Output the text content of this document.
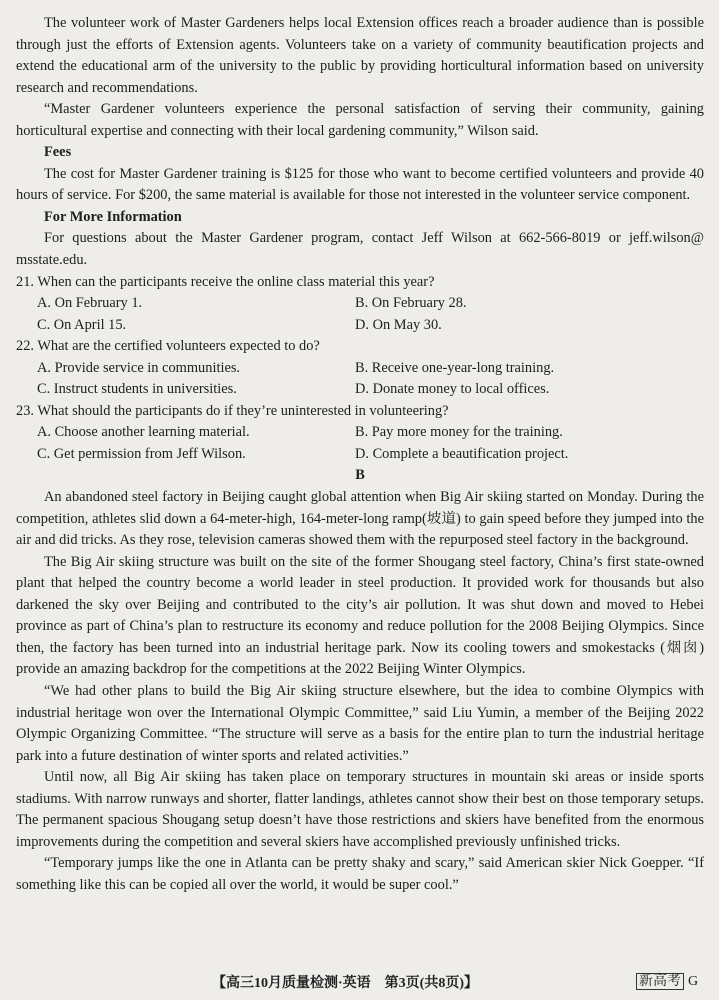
The volunteer work of Master Gardeners helps local Extension offices reach a broader audience than is possible through just the efforts of Extension agents. Volunteers take on a variety of community beautification projects and extend the educational arm of the university to the public by providing horticultural information based on university research and recommendations.

“Master Gardener volunteers experience the personal satisfaction of serving their community, gaining horticultural expertise and connecting with their local gardening community,” Wilson said.

Fees

The cost for Master Gardener training is $125 for those who want to become certified volunteers and provide 40 hours of service. For $200, the same material is available for those not interested in the volunteer service component.

For More Information

For questions about the Master Gardener program, contact Jeff Wilson at 662-566-8019 or jeff.wilson@ msstate.edu.

21. When can the participants receive the online class material this year?

A. On February 1.	B. On February 28.
C. On April 15.	D. On May 30.

22. What are the certified volunteers expected to do?

A. Provide service in communities.	B. Receive one-year-long training.
C. Instruct students in universities.	D. Donate money to local offices.

23. What should the participants do if they’re uninterested in volunteering?

A. Choose another learning material.	B. Pay more money for the training.
C. Get permission from Jeff Wilson.	D. Complete a beautification project.

B

An abandoned steel factory in Beijing caught global attention when Big Air skiing started on Monday. During the competition, athletes slid down a 64-meter-high, 164-meter-long ramp(坡道) to gain speed before they jumped into the air and did tricks. As they rose, television cameras showed them with the repurposed steel factory in the background.

The Big Air skiing structure was built on the site of the former Shougang steel factory, China’s first state-owned plant that helped the country become a world leader in steel production. It provided work for thousands but also darkened the sky over Beijing and contributed to the city’s air pollution. It was shut down and moved to Hebei province as part of China’s plan to restructure its economy and reduce pollution for the 2008 Beijing Olympics. Since then, the factory has been turned into an industrial heritage park. Now its cooling towers and smokestacks (烟囱) provide an amazing backdrop for the competitions at the 2022 Beijing Winter Olympics.

“We had other plans to build the Big Air skiing structure elsewhere, but the idea to combine Olympics with industrial heritage won over the International Olympic Committee,” said Liu Yumin, a member of the Beijing 2022 Olympic Organizing Committee. “The structure will serve as a basis for the entire plan to turn the industrial heritage park into a future destination of winter sports and related activities.”

Until now, all Big Air skiing has taken place on temporary structures in mountain ski areas or inside sports stadiums. With narrow runways and shorter, flatter landings, athletes cannot show their best on those temporary setups. The permanent spacious Shougang setup doesn’t have those restrictions and skiers have benefited from the enormous improvements during the competition and several skiers have accomplished previously unfinished tricks.

“Temporary jumps like the one in Atlanta can be pretty shaky and scary,” said American skier Nick Goepper. “If something like this can be copied all over the world, it would be super cool.”

【高三10月质量检测·英语　第3页(共8页)】	新高考 G
